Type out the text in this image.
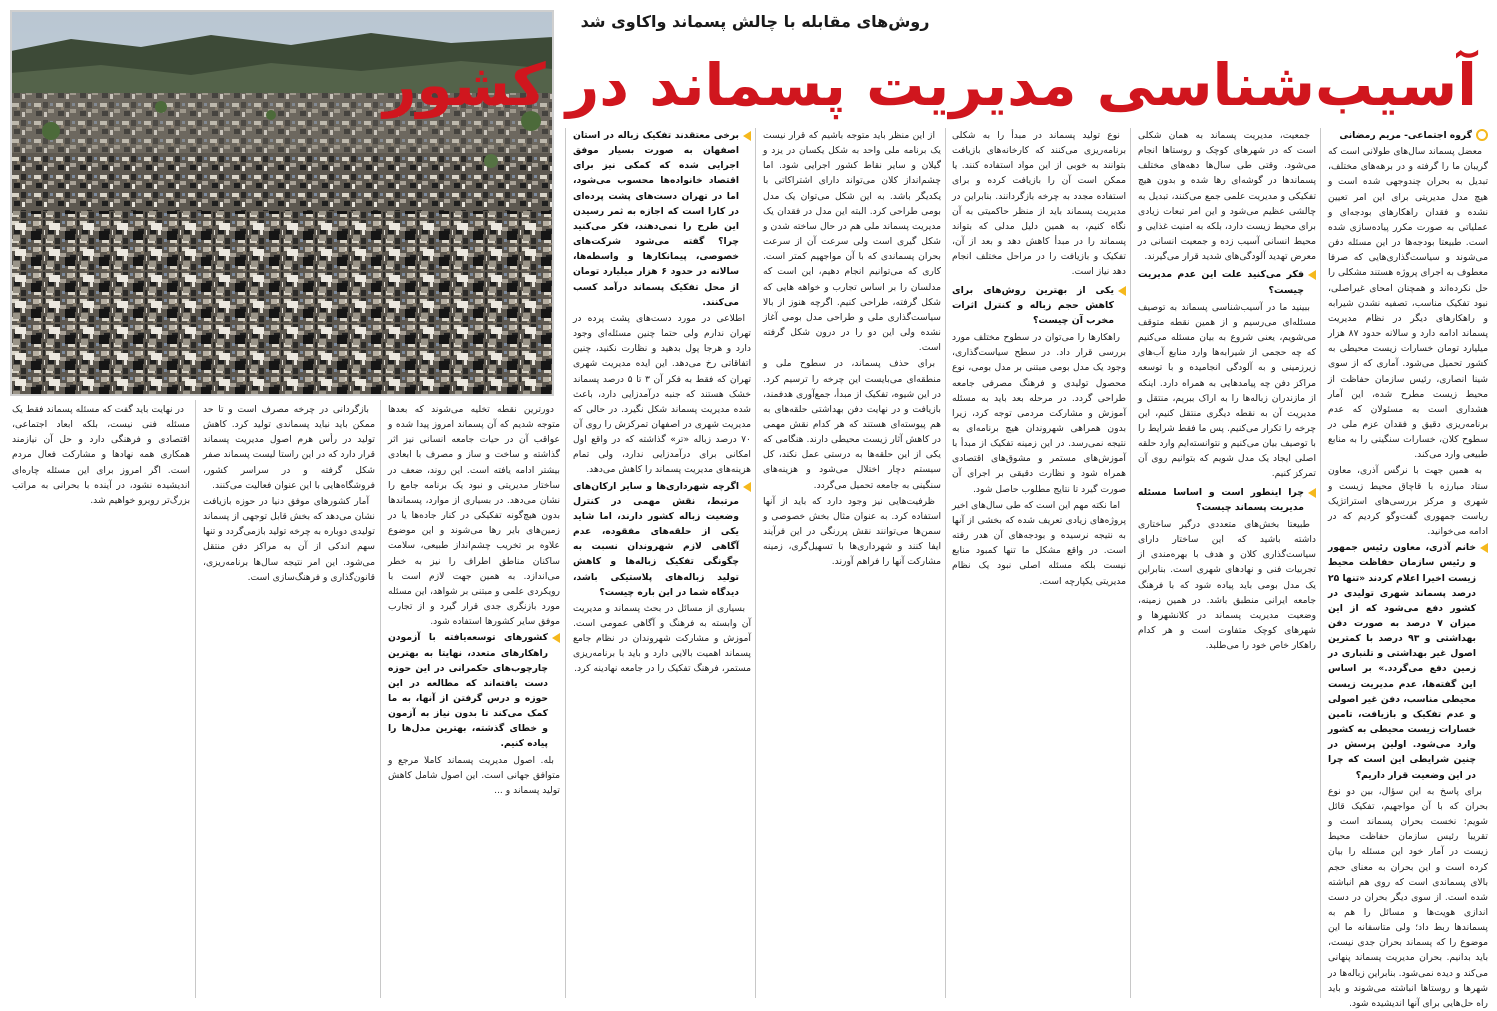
روش‌های مقابله با چالش پسماند واکاوی شد
آسیب‌شناسی مدیریت پسماند در کشور

گروه اجتماعی- مریم رمضانی

معضل پسماند سال‌های طولانی است که گریبان ما را گرفته و در برهه‌های مختلف، تبدیل به بحران چندوجهی شده است و هیچ مدل مدیریتی برای این امر تعیین نشده و فقدان راهکارهای بودجه‌ای و عملیاتی به صورت مکرر پیاده‌سازی شده است. طبیعتا بودجه‌ها در این مسئله دفن می‌شوند و سیاست‌گذاری‌هایی که صرفا معطوف به اجرای پروژه هستند مشکلی را حل نکرده‌اند و همچنان امحای غیراصلی، نبود تفکیک مناسب، تصفیه نشدن شیرابه و راهکارهای دیگر در نظام مدیریت پسماند ادامه دارد و سالانه حدود ۸۷ هزار میلیارد تومان خسارات زیست محیطی به کشور تحمیل می‌شود. آماری که از سوی شینا انصاری، رئیس سازمان حفاظت از محیط زیست مطرح شده، این آمار هشداری است به مسئولان که عدم برنامه‌ریزی دقیق و فقدان عزم ملی در سطوح کلان، خسارات سنگینی را به منابع طبیعی وارد می‌کند.

به همین جهت با نرگس آذری، معاون ستاد مبارزه با قاچاق محیط زیست و شهری و مرکز بررسی‌های استراتژیک ریاست جمهوری گفت‌وگو کردیم که در ادامه می‌خوانید.

خانم آذری، معاون رئیس جمهور و رئیس سازمان حفاظت محیط زیست اخیرا اعلام کردند «تنها ۲۵ درصد پسماند شهری تولیدی در کشور دفع می‌شود که از این میزان ۷ درصد به صورت دفن بهداشتی و ۹۳ درصد با کمترین اصول غیر بهداشتی و تلنباری در زمین دفع می‌گردد.» بر اساس این گفته‌ها، عدم مدیریت زیست محیطی مناسب، دفن غیر اصولی و عدم تفکیک و بازیافت، تامین خسارات زیست محیطی به کشور وارد می‌شود. اولین پرسش در چنین شرایطی این است که چرا در این وضعیت قرار داریم؟

برای پاسخ به این سؤال، بین دو نوع بحران که با آن مواجهیم، تفکیک قائل شویم: نخست بحران پسماند است و تقریبا رئیس سازمان حفاظت محیط زیست در آمار خود این مسئله را بیان کرده است و این بحران به معنای حجم بالای پسماندی است که روی هم انباشته شده است. از سوی دیگر بحران در دست اندازی هویت‌ها و مسائل را هم به پسماندها ربط داد؛ ولی متاسفانه ما این موضوع را که پسماند بحران جدی نیست، باید بدانیم. بحران مدیریت پسماند پنهانی می‌کند و دیده نمی‌شود. بنابراین زباله‌ها در شهرها و روستاها انباشته می‌شوند و باید راه حل‌هایی برای آنها اندیشیده شود.

جمعیت، مدیریت پسماند به همان شکلی است که در شهرهای کوچک و روستاها انجام می‌شود. وقتی طی سال‌ها دهه‌های مختلف پسماندها در گوشه‌ای رها شده و بدون هیچ تفکیکی و مدیریت علمی جمع می‌کنند، تبدیل به چالشی عظیم می‌شود و این امر تبعات زیادی برای محیط زیست دارد، بلکه به امنیت غذایی و محیط انسانی آسیب زده و جمعیت انسانی در معرض تهدید آلودگی‌های شدید قرار می‌گیرند.

فکر می‌کنید علت این عدم مدیریت چیست؟

ببینید ما در آسیب‌شناسی پسماند به توصیف مسئله‌ای می‌رسیم و از همین نقطه متوقف می‌شویم، یعنی شروع به بیان مسئله می‌کنیم که چه حجمی از شیرابه‌ها وارد منابع آب‌های زیرزمینی و به آلودگی انجامیده و با توسعه مراکز دفن چه پیامدهایی به همراه دارد. اینکه از مازندران زباله‌ها را به اراک ببریم، منتقل و مدیریت آن به نقطه دیگری منتقل کنیم، این چرخه را تکرار می‌کنیم. پس ما فقط شرایط را با توصیف بیان می‌کنیم و نتوانسته‌ایم وارد حلقه اصلی ایجاد یک مدل شویم که بتوانیم روی آن تمرکز کنیم.

چرا اینطور است و اساسا مسئله مدیریت پسماند چیست؟

طبیعتا بخش‌های متعددی درگیر ساختاری داشته باشید که این ساختار دارای سیاست‌گذاری کلان و هدف با بهره‌مندی از تجربیات فنی و نهادهای شهری است. بنابراین یک مدل بومی باید پیاده شود که با فرهنگ جامعه ایرانی منطبق باشد. در همین زمینه، وضعیت مدیریت پسماند در کلانشهرها و شهرهای کوچک متفاوت است و هر کدام راهکار خاص خود را می‌طلبد.

نوع تولید پسماند در مبدأ را به شکلی برنامه‌ریزی می‌کنند که کارخانه‌های بازیافت بتوانند به خوبی از این مواد استفاده کنند. یا ممکن است آن را بازیافت کرده و برای استفاده مجدد به چرخه بازگردانند. بنابراین در مدیریت پسماند باید از منظر حاکمیتی به آن نگاه کنیم، به همین دلیل مدلی که بتواند پسماند را در مبدأ کاهش دهد و بعد از آن، تفکیک و بازیافت را در مراحل مختلف انجام دهد نیاز است.

یکی از بهترین روش‌های برای کاهش حجم زباله و کنترل اثرات مخرب آن چیست؟

راهکارها را می‌توان در سطوح مختلف مورد بررسی قرار داد. در سطح سیاست‌گذاری، وجود یک مدل بومی مبتنی بر مدل بومی، نوع محصول تولیدی و فرهنگ مصرفی جامعه طراحی گردد. در مرحله بعد باید به مسئله آموزش و مشارکت مردمی توجه کرد، زیرا بدون همراهی شهروندان هیچ برنامه‌ای به نتیجه نمی‌رسد. در این زمینه تفکیک از مبدأ با آموزش‌های مستمر و مشوق‌های اقتصادی همراه شود و نظارت دقیقی بر اجرای آن صورت گیرد تا نتایج مطلوب حاصل شود.

اما نکته مهم این است که طی سال‌های اخیر پروژه‌های زیادی تعریف شده که بخشی از آنها به نتیجه نرسیده و بودجه‌های آن هدر رفته است. در واقع مشکل ما تنها کمبود منابع نیست بلکه مسئله اصلی نبود یک نظام مدیریتی یکپارچه است.

از این منظر باید متوجه باشیم که قرار نیست یک برنامه ملی واحد به شکل یکسان در یزد و گیلان و سایر نقاط کشور اجرایی شود. اما چشم‌انداز کلان می‌تواند دارای اشتراکاتی با یکدیگر باشد. به این شکل می‌توان یک مدل بومی طراحی کرد. البته این مدل در فقدان یک مدیریت پسماند ملی هم در حال ساخته شدن و شکل گیری است ولی سرعت آن از سرعت بحران پسماندی که با آن مواجهیم کمتر است. کاری که می‌توانیم انجام دهیم، این است که مدلسان را بر اساس تجارب و خواهه هایی که شکل گرفته، طراحی کنیم. اگرچه هنوز از بالا سیاست‌گذاری ملی و طراحی مدل بومی آغاز نشده ولی این دو را در درون شکل گرفته است.

برای حذف پسماند، در سطوح ملی و منطقه‌ای می‌بایست این چرخه را ترسیم کرد. در این شیوه، تفکیک از مبدأ، جمع‌آوری هدفمند، بازیافت و در نهایت دفن بهداشتی حلقه‌های به هم پیوسته‌ای هستند که هر کدام نقش مهمی در کاهش آثار زیست محیطی دارند. هنگامی که یکی از این حلقه‌ها به درستی عمل نکند، کل سیستم دچار اختلال می‌شود و هزینه‌های سنگینی به جامعه تحمیل می‌گردد.

ظرفیت‌هایی نیز وجود دارد که باید از آنها استفاده کرد. به عنوان مثال بخش خصوصی و سمن‌ها می‌توانند نقش پررنگی در این فرآیند ایفا کنند و شهرداری‌ها با تسهیل‌گری، زمینه مشارکت آنها را فراهم آورند.

برخی معتقدند تفکیک زباله در استان اصفهان به صورت بسیار موفق اجرایی شده که کمکی نیز برای اقتصاد خانواده‌ها محسوب می‌شود، اما در تهران دست‌های پشت پرده‌ای در کارا است که اجازه به ثمر رسیدن این طرح را نمی‌دهند، فکر می‌کنید چرا؟ گفته می‌شود شرکت‌های خصوصی، پیمانکارها و واسطه‌ها، سالانه در حدود ۶ هزار میلیارد تومان از محل تفکیک پسماند درآمد کسب می‌کنند.

اطلاعی در مورد دست‌های پشت پرده در تهران ندارم ولی حتما چنین مسئله‌ای وجود دارد و هرجا پول بدهید و نظارت نکنید، چنین اتفاقاتی رخ می‌دهد. این ایده مدیریت شهری تهران که فقط به فکر آن ۳ تا ۵ درصد پسماند خشک هستند که جنبه درآمدزایی دارد، باعث شده مدیریت پسماند شکل نگیرد. در حالی که مدیریت شهری در اصفهان تمرکزش را روی آن ۷۰ درصد زباله «تر» گذاشته که در واقع اول امکانی برای درآمدزایی ندارد، ولی تمام هزینه‌های مدیریت پسماند را کاهش می‌دهد.

اگرچه شهرداری‌ها و سایر ارکان‌های مرتبط، نقش مهمی در کنترل وضعیت زباله کشور دارند، اما شاید یکی از حلقه‌های مفقوده، عدم آگاهی لازم شهروندان نسبت به چگونگی تفکیک زباله‌ها و کاهش تولید زباله‌های پلاستیکی باشد، دیدگاه شما در این باره چیست؟

بسیاری از مسائل در بحث پسماند و مدیریت آن وابسته به فرهنگ و آگاهی عمومی است. آموزش و مشارکت شهروندان در نظام جامع پسماند اهمیت بالایی دارد و باید با برنامه‌ریزی مستمر، فرهنگ تفکیک را در جامعه نهادینه کرد.

دورترین نقطه تخلیه می‌شوند که بعدها متوجه شدیم که آن پسماند امروز پیدا شده و عواقب آن در حیات جامعه انسانی نیز اثر گذاشته و ساخت و ساز و مصرف با ابعادی بیشتر ادامه یافته است. این روند، ضعف در ساختار مدیریتی و نبود یک برنامه جامع را نشان می‌دهد. در بسیاری از موارد، پسماندها بدون هیچ‌گونه تفکیکی در کنار جاده‌ها یا در زمین‌های بایر رها می‌شوند و این موضوع علاوه بر تخریب چشم‌انداز طبیعی، سلامت ساکنان مناطق اطراف را نیز به خطر می‌اندازد. به همین جهت لازم است با رویکردی علمی و مبتنی بر شواهد، این مسئله مورد بازنگری جدی قرار گیرد و از تجارب موفق سایر کشورها استفاده شود.

کشورهای توسعه‌یافته با آزمودن راهکارهای متعدد، نهایتا به بهترین چارچوب‌های حکمرانی در این حوزه دست یافته‌اند که مطالعه در این حوزه و درس گرفتن از آنها، به ما کمک می‌کند تا بدون نیاز به آزمون و خطای گذشته، بهترین مدل‌ها را پیاده کنیم.

بله. اصول مدیریت پسماند کاملا مرجع و متوافق جهانی است. این اصول شامل کاهش تولید پسماند و ...

بازگردانی در چرخه مصرف است و تا حد ممکن باید نباید پسماندی تولید کرد. کاهش تولید در رأس هرم اصول مدیریت پسماند قرار دارد که در این راستا لیست پسماند صفر شکل گرفته و در سراسر کشور، فروشگاه‌هایی با این عنوان فعالیت می‌کنند.

آمار کشورهای موفق دنیا در حوزه بازیافت نشان می‌دهد که بخش قابل توجهی از پسماند تولیدی دوباره به چرخه تولید بازمی‌گردد و تنها سهم اندکی از آن به مراکز دفن منتقل می‌شود. این امر نتیجه سال‌ها برنامه‌ریزی، قانون‌گذاری و فرهنگ‌سازی است.

در نهایت باید گفت که مسئله پسماند فقط یک مسئله فنی نیست، بلکه ابعاد اجتماعی، اقتصادی و فرهنگی دارد و حل آن نیازمند همکاری همه نهادها و مشارکت فعال مردم است. اگر امروز برای این مسئله چاره‌ای اندیشیده نشود، در آینده با بحرانی به مراتب بزرگ‌تر روبرو خواهیم شد.
